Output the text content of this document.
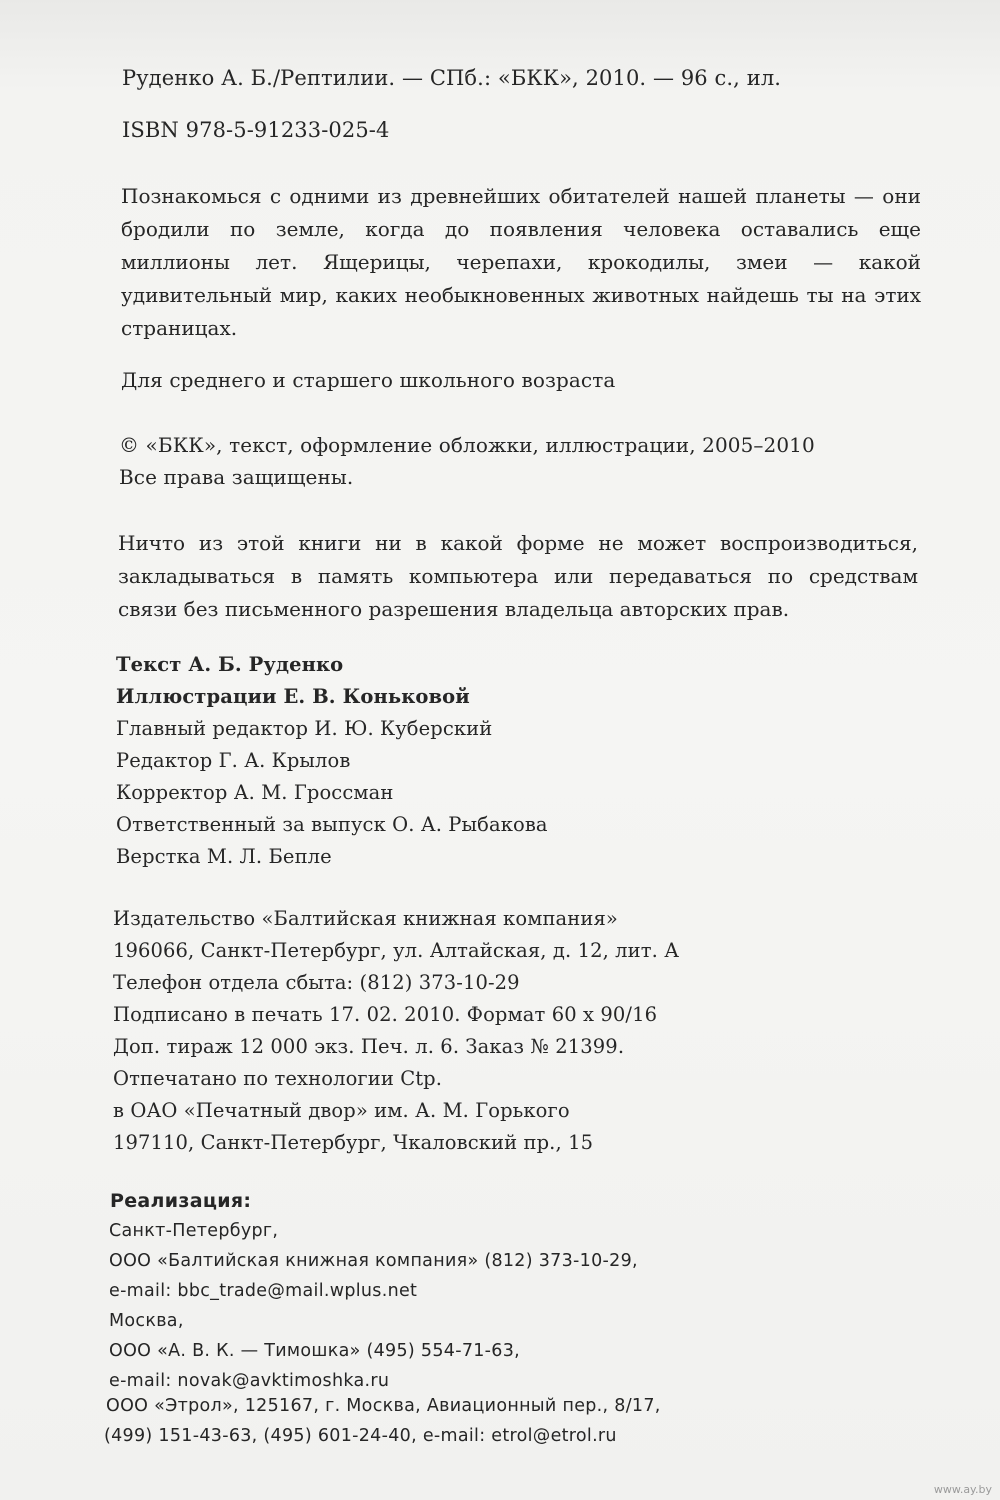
Руденко А. Б./Рептилии. — СПб.: «БКК», 2010. — 96 с., ил.
ISBN 978-5-91233-025-4
Познакомься с одними из древнейших обитателей нашей планеты — они бродили по земле, когда до появления человека оставались еще миллионы лет. Ящерицы, черепахи, крокодилы, змеи — какой удивительный мир, каких необыкновенных животных найдешь ты на этих страницах.
Для среднего и старшего школьного возраста
© «БКК», текст, оформление обложки, иллюстрации, 2005–2010
Все права защищены.
Ничто из этой книги ни в какой форме не может воспроизводиться, закладываться в память компьютера или передаваться по средствам связи без письменного разрешения владельца авторских прав.
Текст А. Б. Руденко
Иллюстрации Е. В. Коньковой
Главный редактор И. Ю. Куберский
Редактор Г. А. Крылов
Корректор А. М. Гроссман
Ответственный за выпуск О. А. Рыбакова
Верстка М. Л. Бепле
Издательство «Балтийская книжная компания»
196066, Санкт-Петербург, ул. Алтайская, д. 12, лит. А
Телефон отдела сбыта: (812) 373-10-29
Подписано в печать 17. 02. 2010. Формат 60 x 90/16
Доп. тираж 12 000 экз. Печ. л. 6. Заказ № 21399.
Отпечатано по технологии Ctp.
в ОАО «Печатный двор» им. А. М. Горького
197110, Санкт-Петербург, Чкаловский пр., 15
Реализация:
Санкт-Петербург,
ООО «Балтийская книжная компания» (812) 373-10-29,
e-mail: bbc_trade@mail.wplus.net
Москва,
ООО «А. В. К. — Тимошка» (495) 554-71-63,
e-mail: novak@avktimoshka.ru
ООО «Этрол», 125167, г. Москва, Авиационный пер., 8/17,
(499) 151-43-63, (495) 601-24-40, e-mail: etrol@etrol.ru
www.ay.by
